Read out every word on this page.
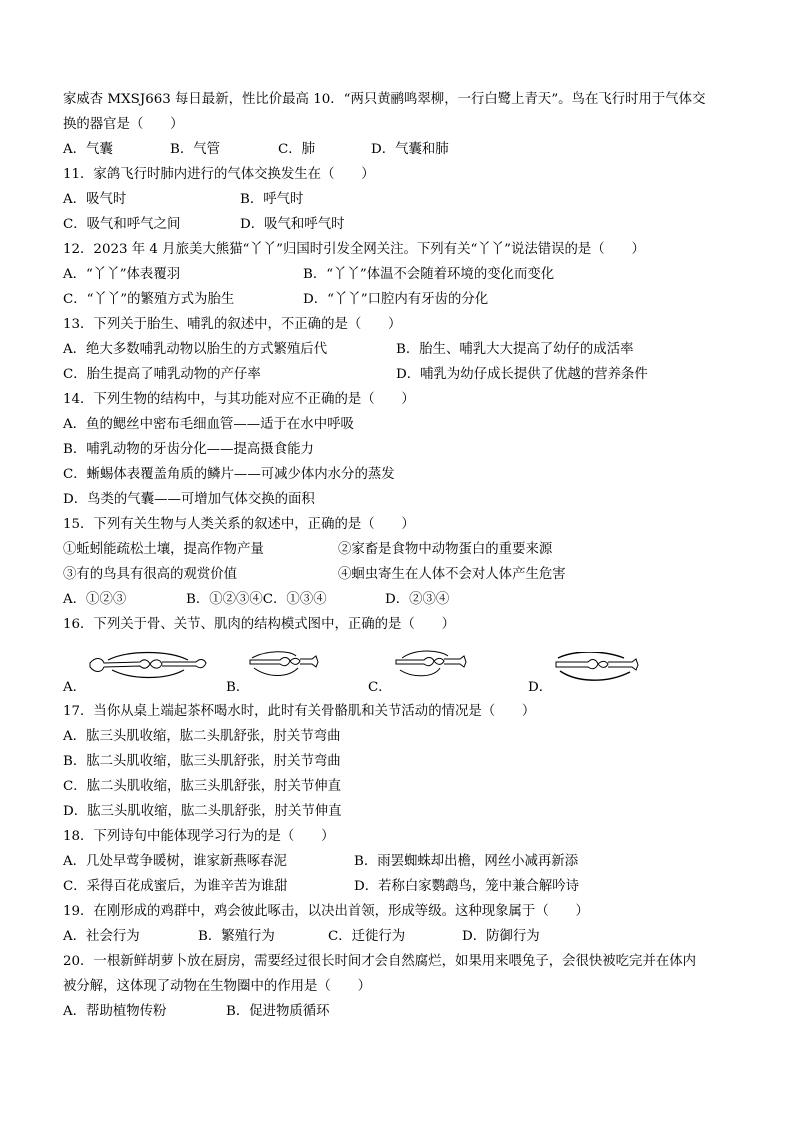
家威杏 MXSJ663 每日最新，性比价最高 10．“两只黄鹂鸣翠柳，一行白鹭上青天”。鸟在飞行时用于气体交
换的器官是（　　）
A．气囊	B．气管	C．肺	D．气囊和肺
11．家鸽飞行时肺内进行的气体交换发生在（　　）
A．吸气时	B．呼气时
C．吸气和呼气之间	D．吸气和呼气时
12．2023 年 4 月旅美大熊猫“丫丫”归国时引发全网关注。下列有关“丫丫”说法错误的是（　　）
A．“丫丫”体表覆羽	B．“丫丫”体温不会随着环境的变化而变化
C．“丫丫”的繁殖方式为胎生	D．“丫丫”口腔内有牙齿的分化
13．下列关于胎生、哺乳的叙述中，不正确的是（　　）
A．绝大多数哺乳动物以胎生的方式繁殖后代	B．胎生、哺乳大大提高了幼仔的成活率
C．胎生提高了哺乳动物的产仔率	D．哺乳为幼仔成长提供了优越的营养条件
14．下列生物的结构中，与其功能对应不正确的是（　　）
A．鱼的鳃丝中密布毛细血管——适于在水中呼吸
B．哺乳动物的牙齿分化——提高摄食能力
C．蜥蜴体表覆盖角质的鳞片——可减少体内水分的蒸发
D．鸟类的气囊——可增加气体交换的面积
15．下列有关生物与人类关系的叙述中，正确的是（　　）
①蚯蚓能疏松土壤，提高作物产量	②家畜是食物中动物蛋白的重要来源
③有的鸟具有很高的观赏价值	④蛔虫寄生在人体不会对人体产生危害
A．①②③	B．①②③④C．①③④	D．②③④
16．下列关于骨、关节、肌肉的结构模式图中，正确的是（　　）
A．	B．	C．	D．
17．当你从桌上端起茶杯喝水时，此时有关骨骼肌和关节活动的情况是（　　）
A．肱三头肌收缩，肱二头肌舒张，肘关节弯曲
B．肱二头肌收缩，肱三头肌舒张，肘关节弯曲
C．肱二头肌收缩，肱三头肌舒张，肘关节伸直
D．肱三头肌收缩，肱二头肌舒张，肘关节伸直
18．下列诗句中能体现学习行为的是（　　）
A．几处早莺争暖树，谁家新燕啄春泥	B．雨罢蜘蛛却出檐，网丝小减再新添
C．采得百花成蜜后，为谁辛苦为谁甜	D．若称白家鹦鹉鸟，笼中兼合解吟诗
19．在刚形成的鸡群中，鸡会彼此啄击，以决出首领，形成等级。这种现象属于（　　）
A．社会行为	B．繁殖行为	C．迁徙行为	D．防御行为
20．一根新鲜胡萝卜放在厨房，需要经过很长时间才会自然腐烂，如果用来喂兔子，会很快被吃完并在体内
被分解，这体现了动物在生物圈中的作用是（　　）
A．帮助植物传粉	B．促进物质循环
